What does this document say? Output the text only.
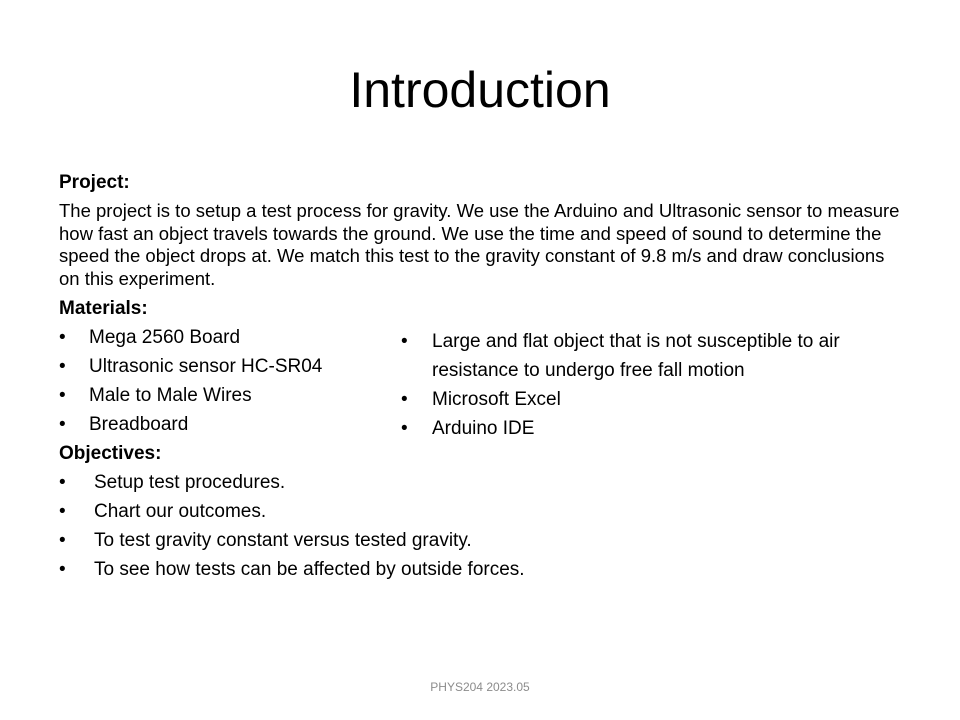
Introduction
Project:

The project is to setup a test process for gravity. We use the Arduino and Ultrasonic sensor to measure how fast an object travels towards the ground. We use the time and speed of sound to determine the speed the object drops at. We match this test to the gravity constant of 9.8 m/s and draw conclusions on this experiment.

Materials:
• Mega 2560 Board
• Ultrasonic sensor HC-SR04
• Male to Male Wires
• Breadboard
• Large and flat object that is not susceptible to air resistance to undergo free fall motion
• Microsoft Excel
• Arduino IDE
Objectives:
• Setup test procedures.
• Chart our outcomes.
• To test gravity constant versus tested gravity.
• To see how tests can be affected by outside forces.

PHYS204 2023.05
